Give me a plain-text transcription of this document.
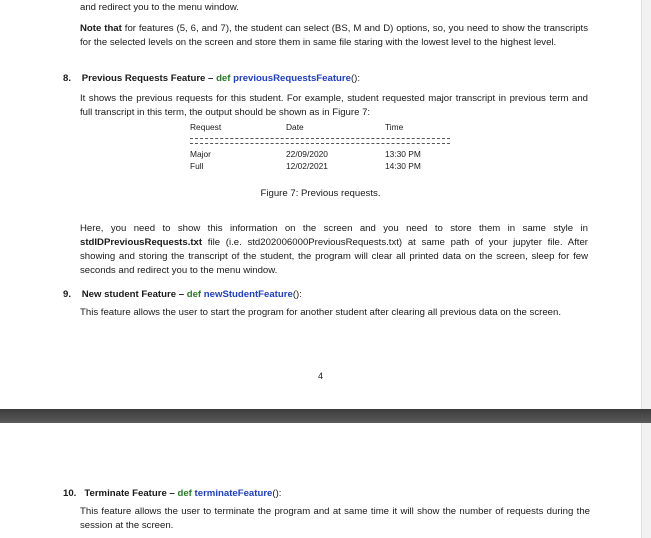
and redirect you to the menu window.
Note that for features (5, 6, and 7), the student can select (BS, M and D) options, so, you need to show the transcripts for the selected levels on the screen and store them in same file staring with the lowest level to the highest level.
8. Previous Requests Feature – def previousRequestsFeature():
It shows the previous requests for this student. For example, student requested major transcript in previous term and full transcript in this term, the output should be shown as in Figure 7:
Request	Date	Time
Major	22/09/2020	13:30 PM
Full	12/02/2021	14:30 PM
Figure 7: Previous requests.
Here, you need to show this information on the screen and you need to store them in same style in stdIDPreviousRequests.txt file (i.e. std202006000PreviousRequests.txt) at same path of your jupyter file. After showing and storing the transcript of the student, the program will clear all printed data on the screen, sleep for few seconds and redirect you to the menu window.
9. New student Feature – def newStudentFeature():
This feature allows the user to start the program for another student after clearing all previous data on the screen.
4
10. Terminate Feature – def terminateFeature():
This feature allows the user to terminate the program and at same time it will show the number of requests during the session at the screen.
